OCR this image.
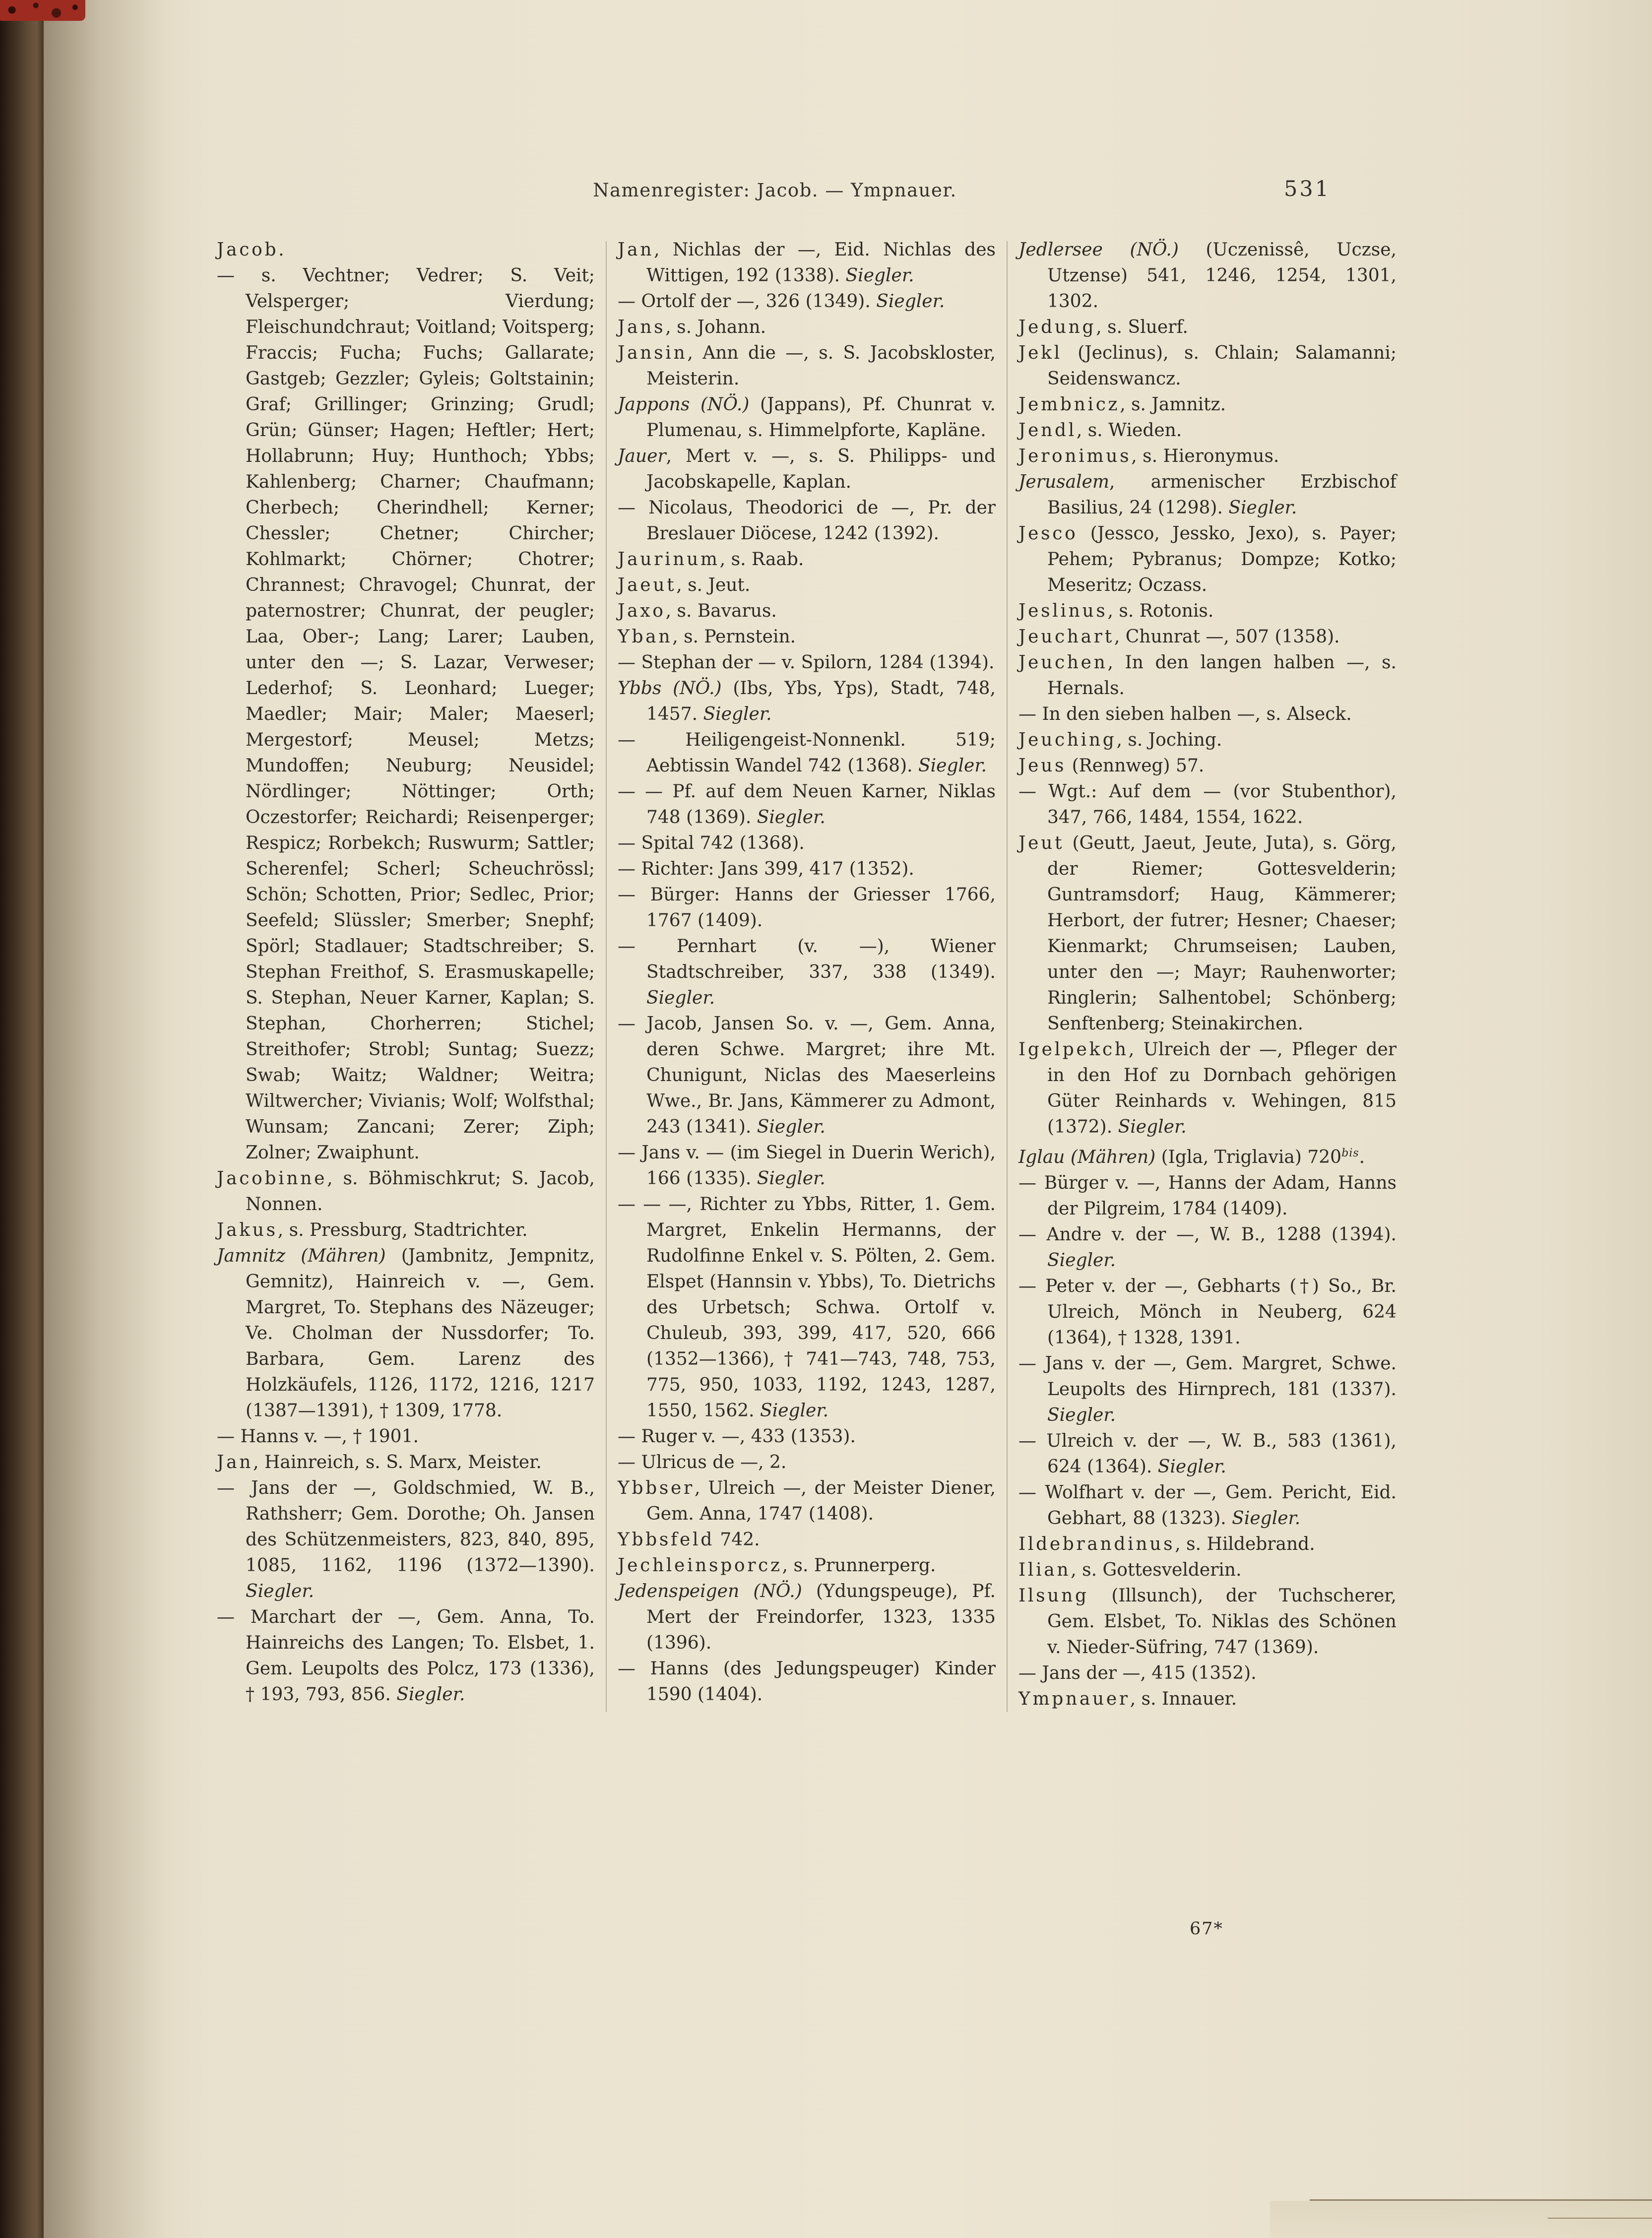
Namenregister: Jacob. — Ympnauer.	531

Jacob.

— s. Vechtner; Vedrer; S. Veit; Velsperger; Vierdung; Fleischundchraut; Voitland; Voitsperg; Fraccis; Fucha; Fuchs; Gallarate; Gastgeb; Gezzler; Gyleis; Goltstainin; Graf; Grillinger; Grinzing; Grudl; Grün; Günser; Hagen; Heftler; Hert; Hollabrunn; Huy; Hunthoch; Ybbs; Kahlenberg; Charner; Chaufmann; Cherbech; Cherindhell; Kerner; Chessler; Chetner; Chircher; Kohlmarkt; Chörner; Chotrer; Chrannest; Chravogel; Chunrat, der paternostrer; Chunrat, der peugler; Laa, Ober-; Lang; Larer; Lauben, unter den —; S. Lazar, Verweser; Lederhof; S. Leonhard; Lueger; Maedler; Mair; Maler; Maeserl; Mergestorf; Meusel; Metzs; Mundoffen; Neuburg; Neusidel; Nördlinger; Nöttinger; Orth; Oczestorfer; Reichardi; Reisenperger; Respicz; Rorbekch; Ruswurm; Sattler; Scherenfel; Scherl; Scheuchrössl; Schön; Schotten, Prior; Sedlec, Prior; Seefeld; Slüssler; Smerber; Snephf; Spörl; Stadlauer; Stadtschreiber; S. Stephan Freithof, S. Erasmuskapelle; S. Stephan, Neuer Karner, Kaplan; S. Stephan, Chorherren; Stichel; Streithofer; Strobl; Suntag; Suezz; Swab; Waitz; Waldner; Weitra; Wiltwercher; Vivianis; Wolf; Wolfsthal; Wunsam; Zancani; Zerer; Ziph; Zolner; Zwaiphunt.

Jacobinne, s. Böhmischkrut; S. Jacob, Nonnen.

Jakus, s. Pressburg, Stadtrichter.

Jamnitz (Mähren) (Jambnitz, Jempnitz, Gemnitz), Hainreich v. —, Gem. Margret, To. Stephans des Näzeuger; Ve. Cholman der Nussdorfer; To. Barbara, Gem. Larenz des Holzkäufels, 1126, 1172, 1216, 1217 (1387—1391), † 1309, 1778.

— Hanns v. —, † 1901.

Jan, Hainreich, s. S. Marx, Meister.

— Jans der —, Goldschmied, W. B., Rathsherr; Gem. Dorothe; Oh. Jansen des Schützenmeisters, 823, 840, 895, 1085, 1162, 1196 (1372—1390). Siegler.

— Marchart der —, Gem. Anna, To. Hainreichs des Langen; To. Elsbet, 1. Gem. Leupolts des Polcz, 173 (1336), † 193, 793, 856. Siegler.

Jan, Nichlas der —, Eid. Nichlas des Wittigen, 192 (1338). Siegler.

— Ortolf der —, 326 (1349). Siegler.

Jans, s. Johann.

Jansin, Ann die —, s. S. Jacobskloster, Meisterin.

Jappons (NÖ.) (Jappans), Pf. Chunrat v. Plumenau, s. Himmelpforte, Kapläne.

Jauer, Mert v. —, s. S. Philipps- und Jacobskapelle, Kaplan.

— Nicolaus, Theodorici de —, Pr. der Breslauer Diöcese, 1242 (1392).

Jaurinum, s. Raab.

Jaeut, s. Jeut.

Jaxo, s. Bavarus.

Yban, s. Pernstein.

— Stephan der — v. Spilorn, 1284 (1394).

Ybbs (NÖ.) (Ibs, Ybs, Yps), Stadt, 748, 1457. Siegler.

— Heiligengeist-Nonnenkl. 519; Aebtissin Wandel 742 (1368). Siegler.

— — Pf. auf dem Neuen Karner, Niklas 748 (1369). Siegler.

— Spital 742 (1368).

— Richter: Jans 399, 417 (1352).

— Bürger: Hanns der Griesser 1766, 1767 (1409).

— Pernhart (v. —), Wiener Stadtschreiber, 337, 338 (1349). Siegler.

— Jacob, Jansen So. v. —, Gem. Anna, deren Schwe. Margret; ihre Mt. Chunigunt, Niclas des Maeserleins Wwe., Br. Jans, Kämmerer zu Admont, 243 (1341). Siegler.

— Jans v. — (im Siegel in Duerin Werich), 166 (1335). Siegler.

— — —, Richter zu Ybbs, Ritter, 1. Gem. Margret, Enkelin Hermanns, der Rudolfinne Enkel v. S. Pölten, 2. Gem. Elspet (Hannsin v. Ybbs), To. Dietrichs des Urbetsch; Schwa. Ortolf v. Chuleub, 393, 399, 417, 520, 666 (1352—1366), † 741—743, 748, 753, 775, 950, 1033, 1192, 1243, 1287, 1550, 1562. Siegler.

— Ruger v. —, 433 (1353).

— Ulricus de —, 2.

Ybbser, Ulreich —, der Meister Diener, Gem. Anna, 1747 (1408).

Ybbsfeld 742.

Jechleinsporcz, s. Prunnerperg.

Jedenspeigen (NÖ.) (Ydungspeuge), Pf. Mert der Freindorfer, 1323, 1335 (1396).

— Hanns (des Jedungspeuger) Kinder 1590 (1404).

Jedlersee (NÖ.) (Uczenissê, Uczse, Utzense) 541, 1246, 1254, 1301, 1302.

Jedung, s. Sluerf.

Jekl (Jeclinus), s. Chlain; Salamanni; Seidenswancz.

Jembnicz, s. Jamnitz.

Jendl, s. Wieden.

Jeronimus, s. Hieronymus.

Jerusalem, armenischer Erzbischof Basilius, 24 (1298). Siegler.

Jesco (Jessco, Jessko, Jexo), s. Payer; Pehem; Pybranus; Dompze; Kotko; Meseritz; Oczass.

Jeslinus, s. Rotonis.

Jeuchart, Chunrat —, 507 (1358).

Jeuchen, In den langen halben —, s. Hernals.

— In den sieben halben —, s. Alseck.

Jeuching, s. Joching.

Jeus (Rennweg) 57.

— Wgt.: Auf dem — (vor Stubenthor), 347, 766, 1484, 1554, 1622.

Jeut (Geutt, Jaeut, Jeute, Juta), s. Görg, der Riemer; Gottesvelderin; Guntramsdorf; Haug, Kämmerer; Herbort, der futrer; Hesner; Chaeser; Kienmarkt; Chrumseisen; Lauben, unter den —; Mayr; Rauhenworter; Ringlerin; Salhentobel; Schönberg; Senftenberg; Steinakirchen.

Igelpekch, Ulreich der —, Pfleger der in den Hof zu Dornbach gehörigen Güter Reinhards v. Wehingen, 815 (1372). Siegler.

Iglau (Mähren) (Igla, Triglavia) $720^{bis}$.

— Bürger v. —, Hanns der Adam, Hanns der Pilgreim, 1784 (1409).

— Andre v. der —, W. B., 1288 (1394). Siegler.

— Peter v. der —, Gebharts (†) So., Br. Ulreich, Mönch in Neuberg, 624 (1364), † 1328, 1391.

— Jans v. der —, Gem. Margret, Schwe. Leupolts des Hirnprech, 181 (1337). Siegler.

— Ulreich v. der —, W. B., 583 (1361), 624 (1364). Siegler.

— Wolfhart v. der —, Gem. Pericht, Eid. Gebhart, 88 (1323). Siegler.

Ildebrandinus, s. Hildebrand.

Ilian, s. Gottesvelderin.

Ilsung (Illsunch), der Tuchscherer, Gem. Elsbet, To. Niklas des Schönen v. Nieder-Süfring, 747 (1369).

— Jans der —, 415 (1352).

Ympnauer, s. Innauer.

67*
